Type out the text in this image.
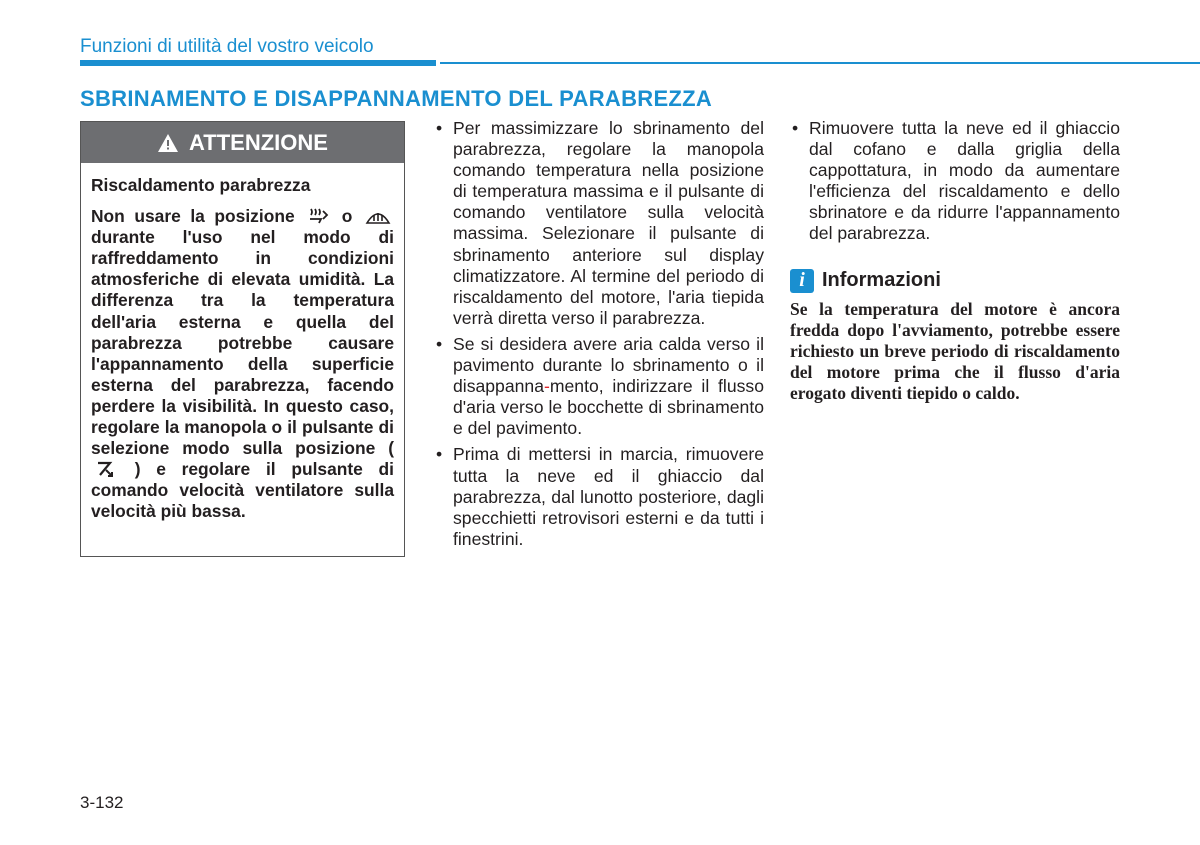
Funzioni di utilità del vostro veicolo
SBRINAMENTO E DISAPPANNAMENTO DEL PARABREZZA
ATTENZIONE

Riscaldamento parabrezza

Non usare la posizione	o  durante l'uso nel modo di raffreddamento in condizioni atmosferiche di elevata umidità. La differenza tra la temperatura dell'aria esterna e quella del parabrezza potrebbe causare l'appannamento della superficie esterna del parabrezza, facendo perdere la visibilità. In questo caso, regolare la manopola o il pulsante di selezione modo sulla posizione (  ) e regolare il pulsante di comando velocità ventilatore sulla velocità più bassa.

• Per massimizzare lo sbrinamento del parabrezza, regolare la manopola comando temperatura nella posizione di temperatura massima e il pulsante di comando ventilatore sulla velocità massima. Selezionare il pulsante di sbrinamento anteriore sul display climatizzatore. Al termine del periodo di riscaldamento del motore, l'aria tiepida verrà diretta verso il parabrezza.
• Se si desidera avere aria calda verso il pavimento durante lo sbrinamento o il disappanna-mento, indirizzare il flusso d'aria verso le bocchette di sbrinamento e del pavimento.
• Prima di mettersi in marcia, rimuovere tutta la neve ed il ghiaccio dal parabrezza, dal lunotto posteriore, dagli specchietti retrovisori esterni e da tutti i finestrini.
• Rimuovere tutta la neve ed il ghiaccio dal cofano e dalla griglia della cappottatura, in modo da aumentare l'efficienza del riscaldamento e dello sbrinatore e da ridurre l'appannamento del parabrezza.
i Informazioni

Se la temperatura del motore è ancora fredda dopo l'avviamento, potrebbe essere richiesto un breve periodo di riscaldamento del motore prima che il flusso d'aria erogato diventi tiepido o caldo.

3-132
